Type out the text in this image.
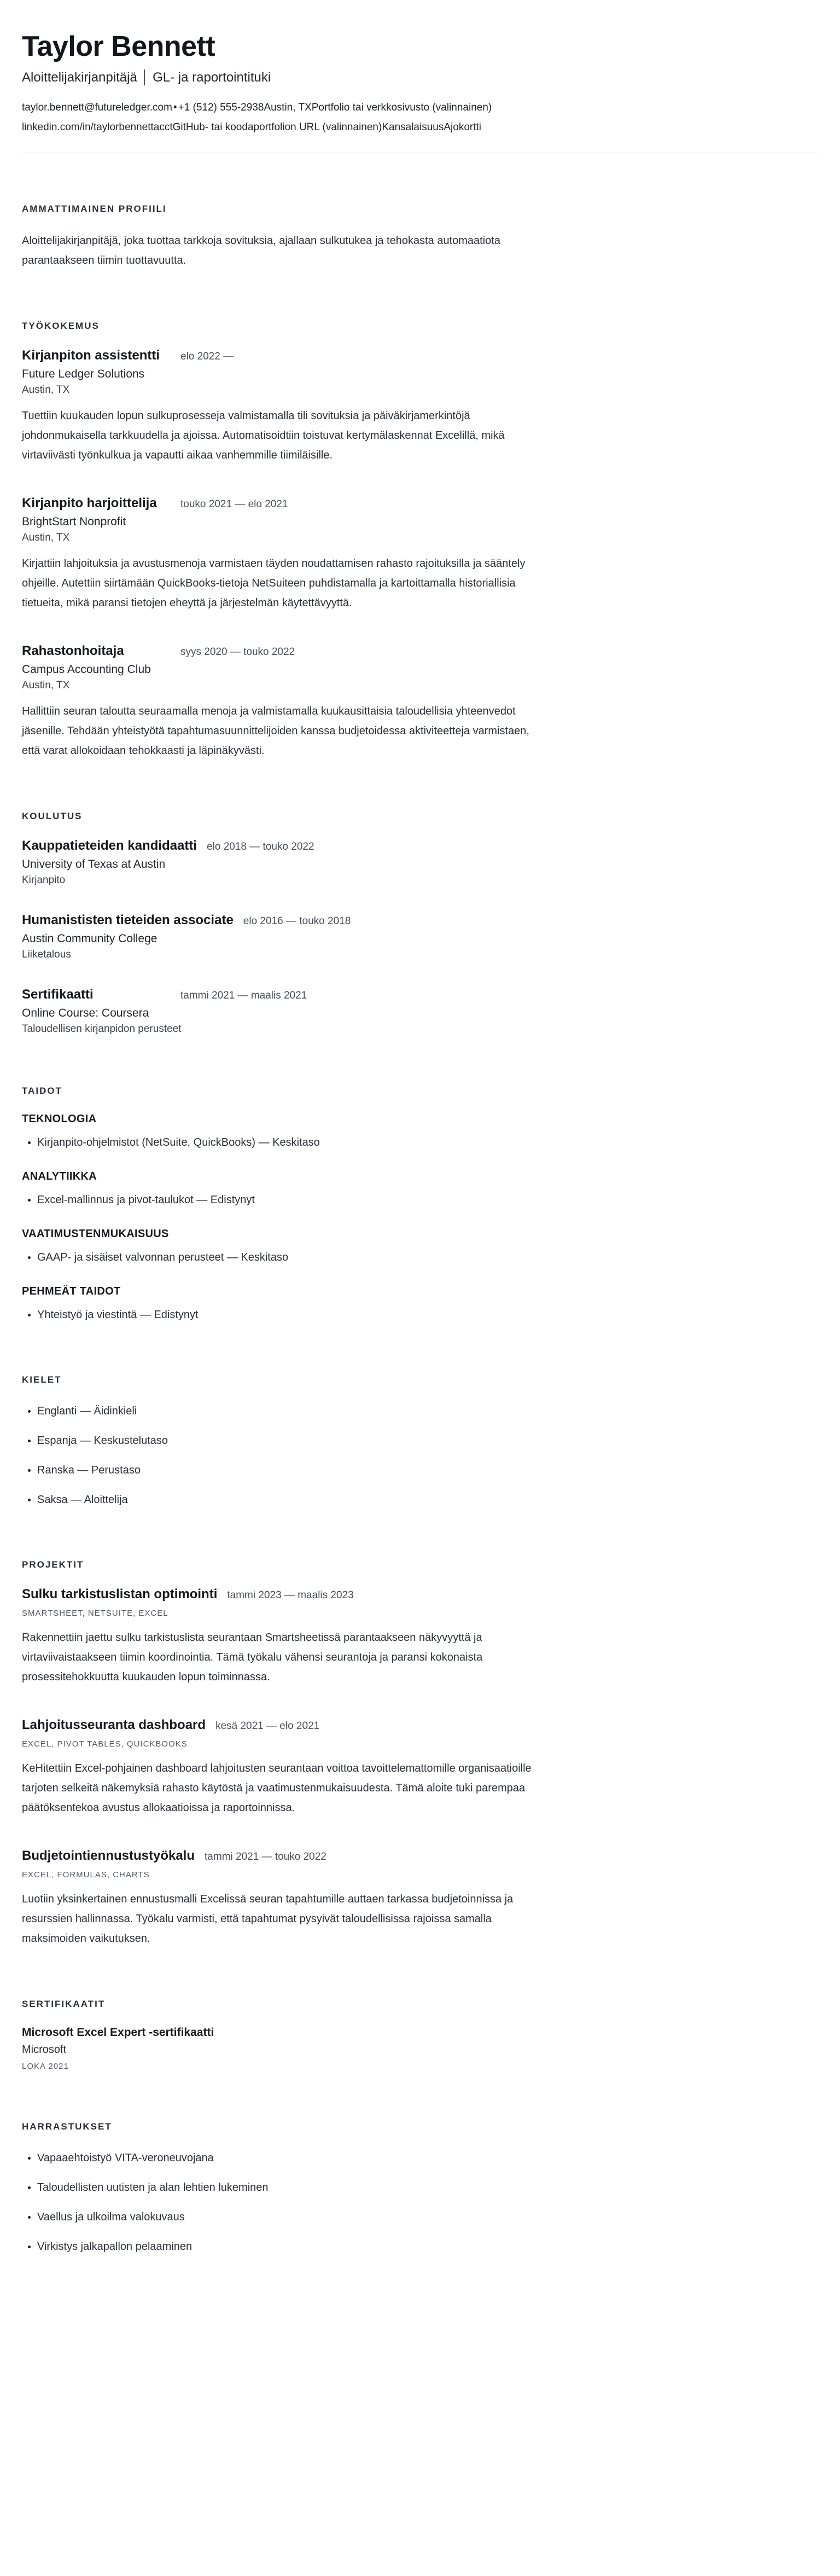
Taylor Bennett
Aloittelijakirjanpitäjä │ GL- ja raportointituki
taylor.bennett@futureledger.com • +1 (512) 555-2938Austin, TXPortfolio tai verkkosivusto (valinnainen)
linkedin.com/in/taylorbennettacctGitHub- tai koodaportfolion URL (valinnainen)KansalaisuusAjokortti
AMMATTIMAINEN PROFIILI

Aloittelijakirjanpitäjä, joka tuottaa tarkkoja sovituksia, ajallaan sulkutukea ja tehokasta automaatiota parantaakseen tiimin tuottavuutta.

TYÖKOKEMUS
Kirjanpiton assistentti	elo 2022 —
Future Ledger Solutions
Austin, TX

Tuettiin kuukauden lopun sulkuprosesseja valmistamalla tili sovituksia ja päiväkirjamerkintöjä johdonmukaisella tarkkuudella ja ajoissa. Automatisoidtiin toistuvat kertymälaskennat Excelillä, mikä virtaviivästi työnkulkua ja vapautti aikaa vanhemmille tiimiläisille.

Kirjanpito harjoittelija	touko 2021 — elo 2021
BrightStart Nonprofit
Austin, TX

Kirjattiin lahjoituksia ja avustusmenoja varmistaen täyden noudattamisen rahasto rajoituksilla ja sääntely ohjeille. Autettiin siirtämään QuickBooks-tietoja NetSuiteen puhdistamalla ja kartoittamalla historiallisia tietueita, mikä paransi tietojen eheyttä ja järjestelmän käytettävyyttä.

Rahastonhoitaja	syys 2020 — touko 2022
Campus Accounting Club
Austin, TX

Hallittiin seuran taloutta seuraamalla menoja ja valmistamalla kuukausittaisia taloudellisia yhteenvedot jäsenille. Tehdään yhteistyötä tapahtumasuunnittelijoiden kanssa budjetoidessa aktiviteetteja varmistaen, että varat allokoidaan tehokkaasti ja läpinäkyvästi.

KOULUTUS
Kauppatieteiden kandidaatti elo 2018 — touko 2022
University of Texas at Austin
Kirjanpito
Humanististen tieteiden associate elo 2016 — touko 2018
Austin Community College
Liiketalous
Sertifikaatti	tammi 2021 — maalis 2021
Online Course: Coursera
Taloudellisen kirjanpidon perusteet
TAIDOT
TEKNOLOGIA
• Kirjanpito-ohjelmistot (NetSuite, QuickBooks) — Keskitaso
ANALYTIIKKA
• Excel-mallinnus ja pivot-taulukot — Edistynyt
VAATIMUSTENMUKAISUUS
• GAAP- ja sisäiset valvonnan perusteet — Keskitaso
PEHMEÄT TAIDOT
• Yhteistyö ja viestintä — Edistynyt
KIELET
• Englanti — Äidinkieli
• Espanja — Keskustelutaso
• Ranska — Perustaso
• Saksa — Aloittelija
PROJEKTIT
Sulku tarkistuslistan optimointi tammi 2023 — maalis 2023
SMARTSHEET, NETSUITE, EXCEL

Rakennettiin jaettu sulku tarkistuslista seurantaan Smartsheetissä parantaakseen näkyvyyttä ja virtaviivaistaakseen tiimin koordinointia. Tämä työkalu vähensi seurantoja ja paransi kokonaista prosessitehokkuutta kuukauden lopun toiminnassa.

Lahjoitusseuranta dashboard kesä 2021 — elo 2021
EXCEL, PIVOT TABLES, QUICKBOOKS

KeHitettiin Excel-pohjainen dashboard lahjoitusten seurantaan voittoa tavoittelemattomille organisaatioille tarjoten selkeitä näkemyksiä rahasto käytöstä ja vaatimustenmukaisuudesta. Tämä aloite tuki parempaa päätöksentekoa avustus allokaatioissa ja raportoinnissa.

Budjetointiennustustyökalu tammi 2021 — touko 2022
EXCEL, FORMULAS, CHARTS

Luotiin yksinkertainen ennustusmalli Excelissä seuran tapahtumille auttaen tarkassa budjetoinnissa ja resurssien hallinnassa. Työkalu varmisti, että tapahtumat pysyivät taloudellisissa rajoissa samalla maksimoiden vaikutuksen.

SERTIFIKAATIT
Microsoft Excel Expert -sertifikaatti
Microsoft
LOKA 2021
HARRASTUKSET
• Vapaaehtoistyö VITA-veroneuvojana
• Taloudellisten uutisten ja alan lehtien lukeminen
• Vaellus ja ulkoilma valokuvaus
• Virkistys jalkapallon pelaaminen
